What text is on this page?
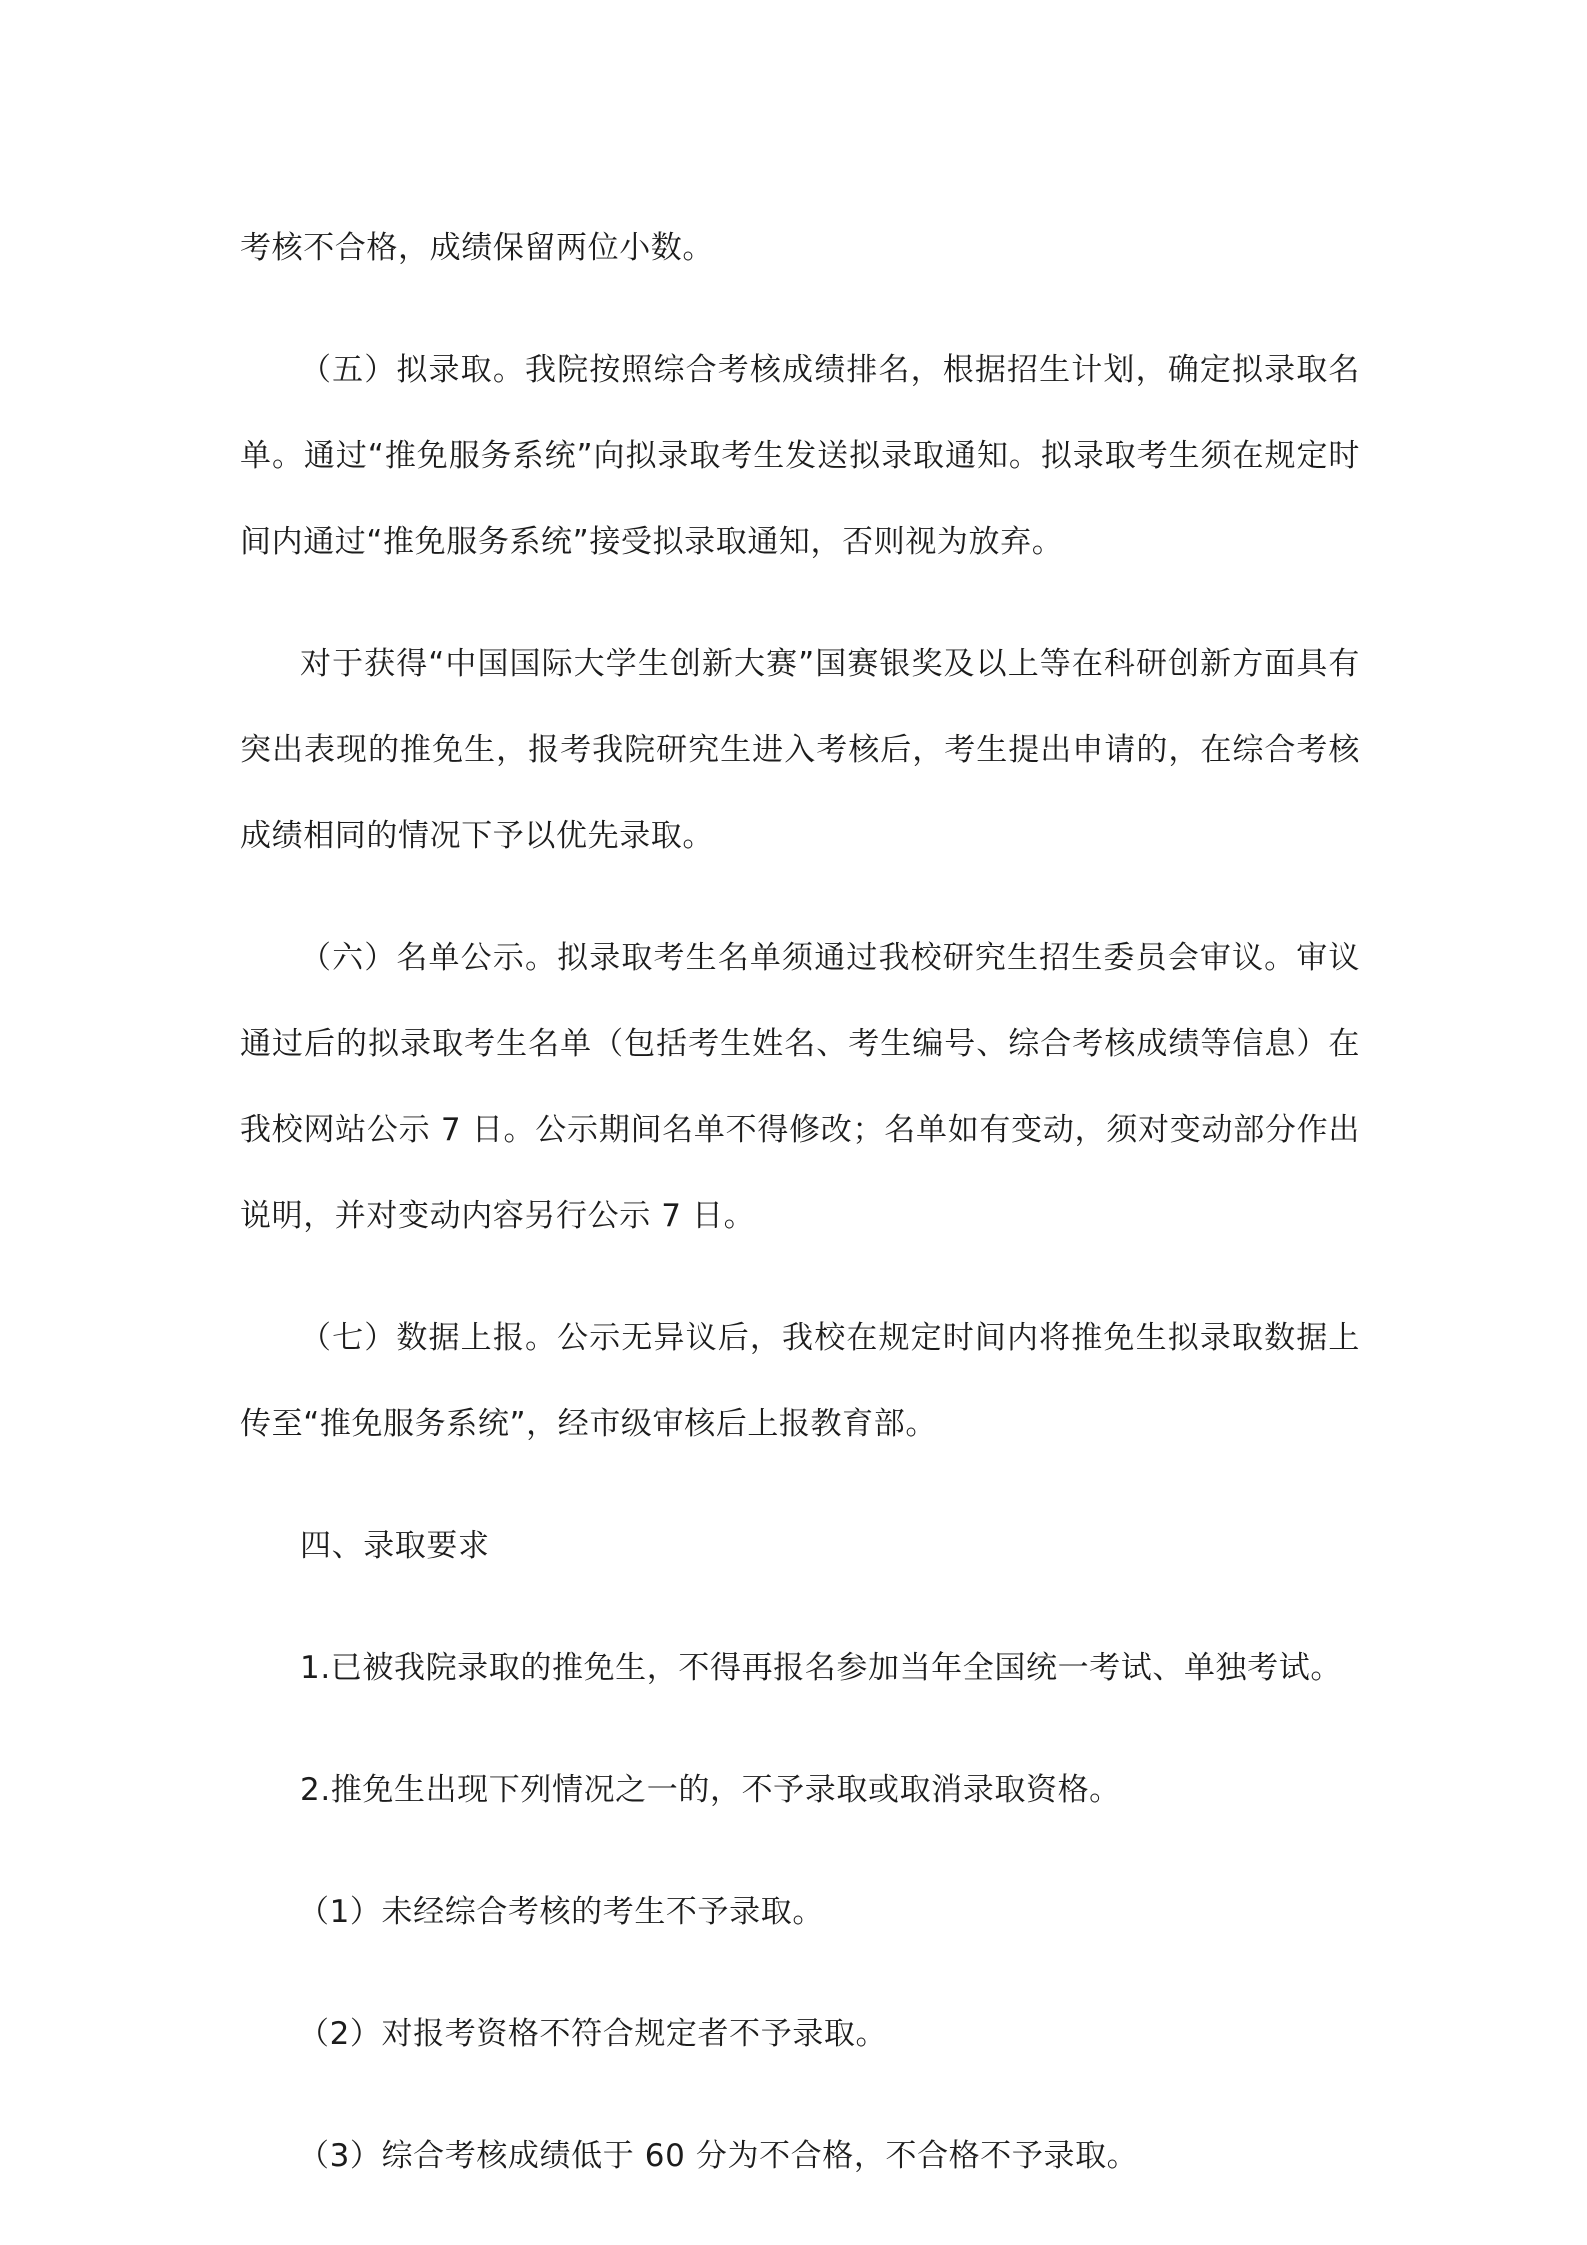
考核不合格，成绩保留两位小数。

（五）拟录取。我院按照综合考核成绩排名，根据招生计划，确定拟录取名单。通过“推免服务系统”向拟录取考生发送拟录取通知。拟录取考生须在规定时间内通过“推免服务系统”接受拟录取通知，否则视为放弃。

对于获得“中国国际大学生创新大赛”国赛银奖及以上等在科研创新方面具有突出表现的推免生，报考我院研究生进入考核后，考生提出申请的，在综合考核成绩相同的情况下予以优先录取。

（六）名单公示。拟录取考生名单须通过我校研究生招生委员会审议。审议通过后的拟录取考生名单（包括考生姓名、考生编号、综合考核成绩等信息）在我校网站公示 7 日。公示期间名单不得修改；名单如有变动，须对变动部分作出说明，并对变动内容另行公示 7 日。

（七）数据上报。公示无异议后，我校在规定时间内将推免生拟录取数据上传至“推免服务系统”，经市级审核后上报教育部。

四、录取要求

1.已被我院录取的推免生，不得再报名参加当年全国统一考试、单独考试。

2.推免生出现下列情况之一的，不予录取或取消录取资格。

（1）未经综合考核的考生不予录取。

（2）对报考资格不符合规定者不予录取。

（3）综合考核成绩低于 60 分为不合格，不合格不予录取。
